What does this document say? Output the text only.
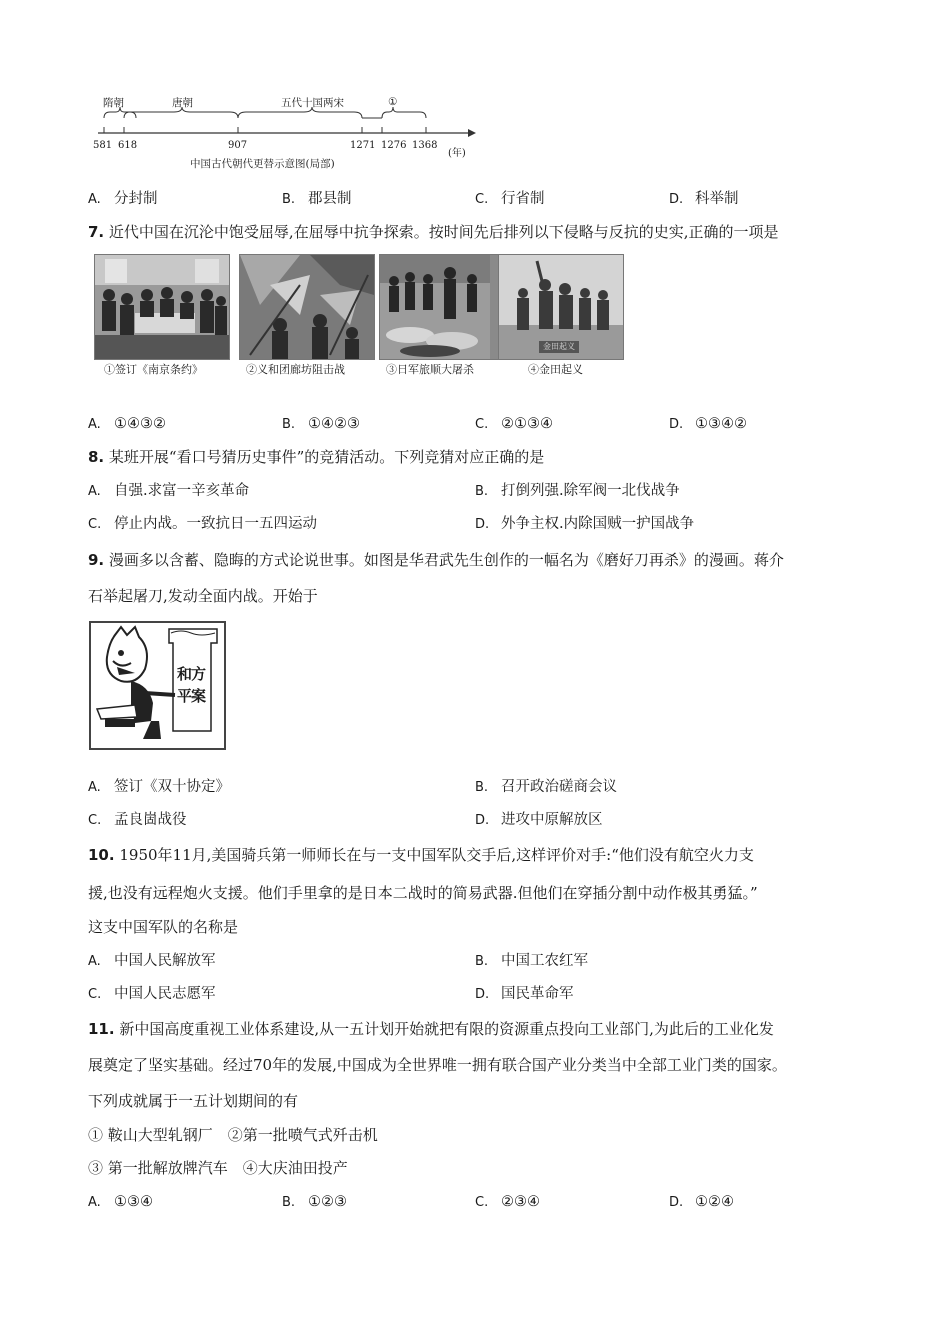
隋朝	唐朝	五代十国两宋	①
581 618	907	1271 1276 1368
(年)
中国古代朝代更替示意图(局部)
A. 分封制	B. 郡县制	C. 行省制	D. 科举制
7. 近代中国在沉沦中饱受屈辱,在屈辱中抗争探索。按时间先后排列以下侵略与反抗的史实,正确的一项是
金田起义
①签订《南京条约》	②义和团廊坊阻击战	③日军旅顺大屠杀	④金田起义
A. ①④③②	B. ①④②③	C. ②①③④	D. ①③④②
8. 某班开展“看口号猜历史事件”的竞猜活动。下列竞猜对应正确的是
A. 自强.求富一辛亥革命	B. 打倒列强.除军阀一北伐战争
C. 停止内战。一致抗日一五四运动	D. 外争主权.内除国贼一护国战争
9. 漫画多以含蓄、隐晦的方式论说世事。如图是华君武先生创作的一幅名为《磨好刀再杀》的漫画。蒋介
石举起屠刀,发动全面内战。开始于
和方
平案
A. 签订《双十协定》	B. 召开政治磋商会议
C. 孟良崮战役	D. 进攻中原解放区
10. 1950年11月,美国骑兵第一师师长在与一支中国军队交手后,这样评价对手:“他们没有航空火力支
援,也没有远程炮火支援。他们手里拿的是日本二战时的简易武器.但他们在穿插分割中动作极其勇猛。”
这支中国军队的名称是
A. 中国人民解放军	B. 中国工农红军
C. 中国人民志愿军	D. 国民革命军
11. 新中国高度重视工业体系建设,从一五计划开始就把有限的资源重点投向工业部门,为此后的工业化发
展奠定了坚实基础。经过70年的发展,中国成为全世界唯一拥有联合国产业分类当中全部工业门类的国家。
下列成就属于一五计划期间的有
① 鞍山大型轧钢厂　②第一批喷气式歼击机
③ 第一批解放牌汽车　④大庆油田投产
A. ①③④	B. ①②③	C. ②③④	D. ①②④
